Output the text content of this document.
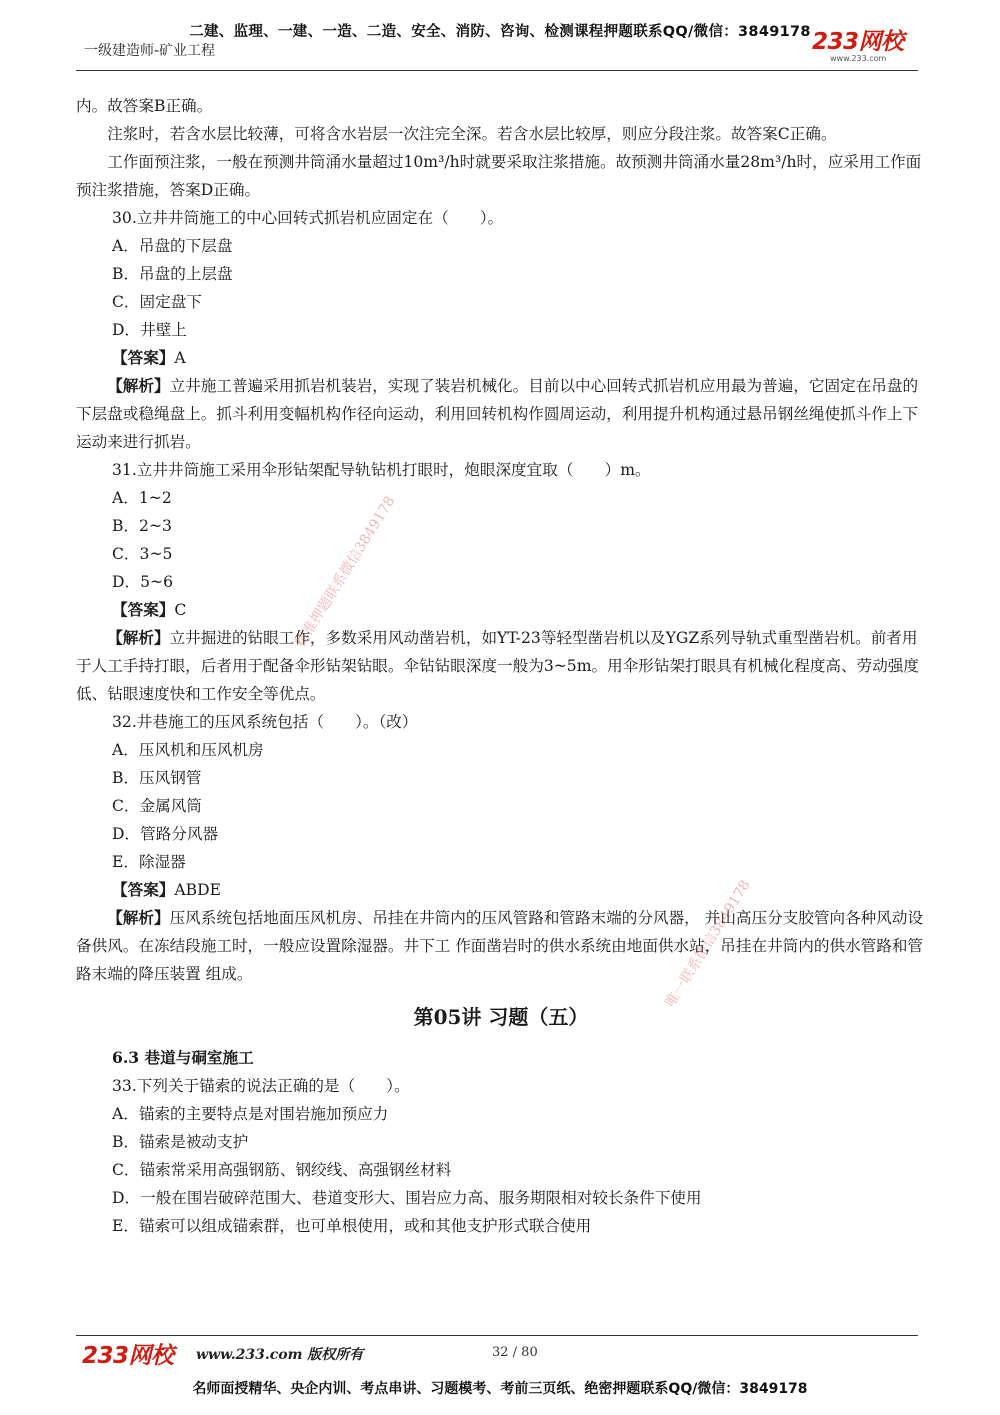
二建、监理、一建、一造、二造、安全、消防、咨询、检测课程押题联系QQ/微信：3849178
一级建造师-矿业工程	233网校
www.233.com
精准押题联系微信3849178
唯一联系微信3849178

内。故答案B正确。

注浆时，若含水层比较薄，可将含水岩层一次注完全深。若含水层比较厚，则应分段注浆。故答案C正确。

工作面预注浆，一般在预测井筒涌水量超过10m³/h时就要采取注浆措施。故预测井筒涌水量28m³/h时，应采用工作面预注浆措施，答案D正确。

30.立井井筒施工的中心回转式抓岩机应固定在（　　）。

A．吊盘的下层盘

B．吊盘的上层盘

C．固定盘下

D．井壁上

【答案】A

【解析】立井施工普遍采用抓岩机装岩，实现了装岩机械化。目前以中心回转式抓岩机应用最为普遍，它固定在吊盘的下层盘或稳绳盘上。抓斗利用变幅机构作径向运动，利用回转机构作圆周运动，利用提升机构通过悬吊钢丝绳使抓斗作上下运动来进行抓岩。

31.立井井筒施工采用伞形钻架配导轨钻机打眼时，炮眼深度宜取（　　）m。

A．1~2

B．2~3

C．3~5

D．5~6

【答案】C

【解析】立井掘进的钻眼工作，多数采用风动凿岩机，如YT-23等轻型凿岩机以及YGZ系列导轨式重型凿岩机。前者用于人工手持打眼，后者用于配备伞形钻架钻眼。伞钻钻眼深度一般为3~5m。用伞形钻架打眼具有机械化程度高、劳动强度低、钻眼速度快和工作安全等优点。

32.井巷施工的压风系统包括（　　）。（改）

A．压风机和压风机房

B．压风钢管

C．金属风筒

D．管路分风器

E．除湿器

【答案】ABDE

【解析】压风系统包括地面压风机房、吊挂在井筒内的压风管路和管路末端的分风器， 并山高压分支胶管向各种风动设备供风。在冻结段施工时，一般应设置除湿器。井下工 作面凿岩时的供水系统由地面供水站，吊挂在井筒内的供水管路和管路末端的降压装置 组成。

第05讲 习题（五）

6.3 巷道与硐室施工

33.下列关于锚索的说法正确的是（　　）。

A．锚索的主要特点是对围岩施加预应力

B．锚索是被动支护

C．锚索常采用高强钢筋、钢绞线、高强钢丝材料

D．一般在围岩破碎范围大、巷道变形大、围岩应力高、服务期限相对较长条件下使用

E．锚索可以组成锚索群，也可单根使用，或和其他支护形式联合使用

233网校 www.233.com 版权所有	32 / 80
名师面授精华、央企内训、考点串讲、习题模考、考前三页纸、绝密押题联系QQ/微信：3849178
